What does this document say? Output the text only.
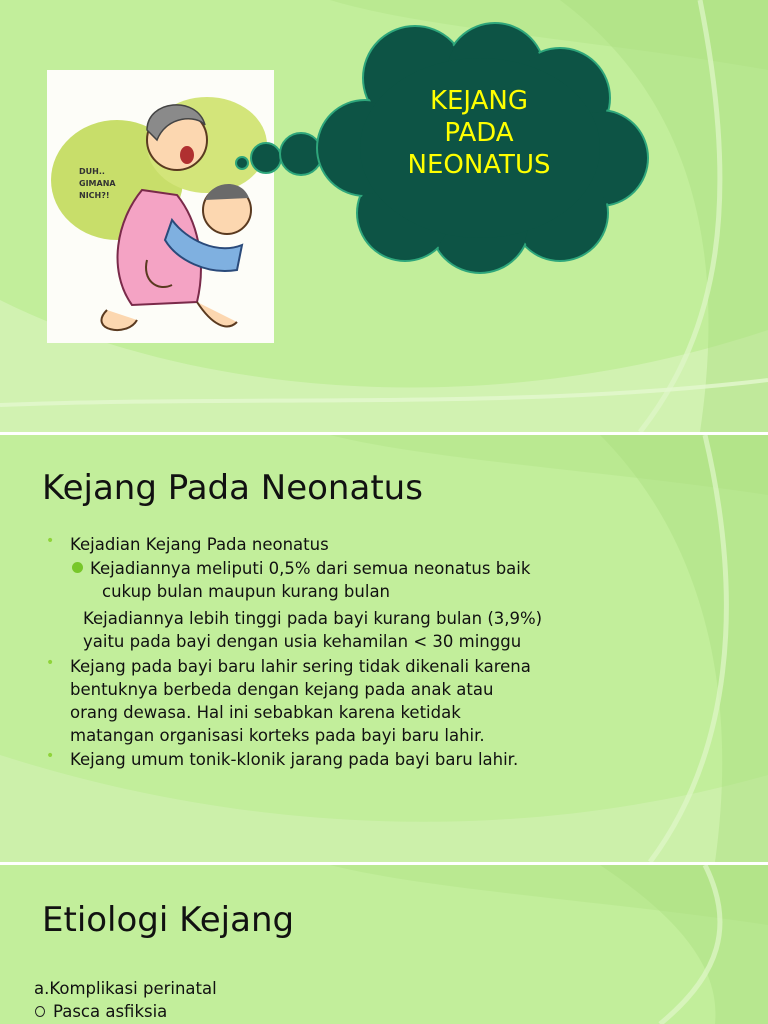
DUH..
GIMANA
NICH?!
KEJANG
PADA
NEONATUS
Kejang Pada Neonatus
• Kejadian Kejang Pada neonatus
Kejadiannya meliputi 0,5% dari semua neonatus baik
cukup bulan maupun kurang bulan
Kejadiannya lebih tinggi pada bayi kurang bulan (3,9%)
yaitu pada bayi dengan usia kehamilan < 30 minggu
• Kejang pada bayi baru lahir sering tidak dikenali karena
bentuknya berbeda dengan kejang pada anak atau
orang dewasa. Hal ini sebabkan karena ketidak
matangan organisasi korteks pada bayi baru lahir.
• Kejang umum tonik-klonik jarang pada bayi baru lahir.
Etiologi Kejang
a.Komplikasi perinatal
Pasca asfiksia
